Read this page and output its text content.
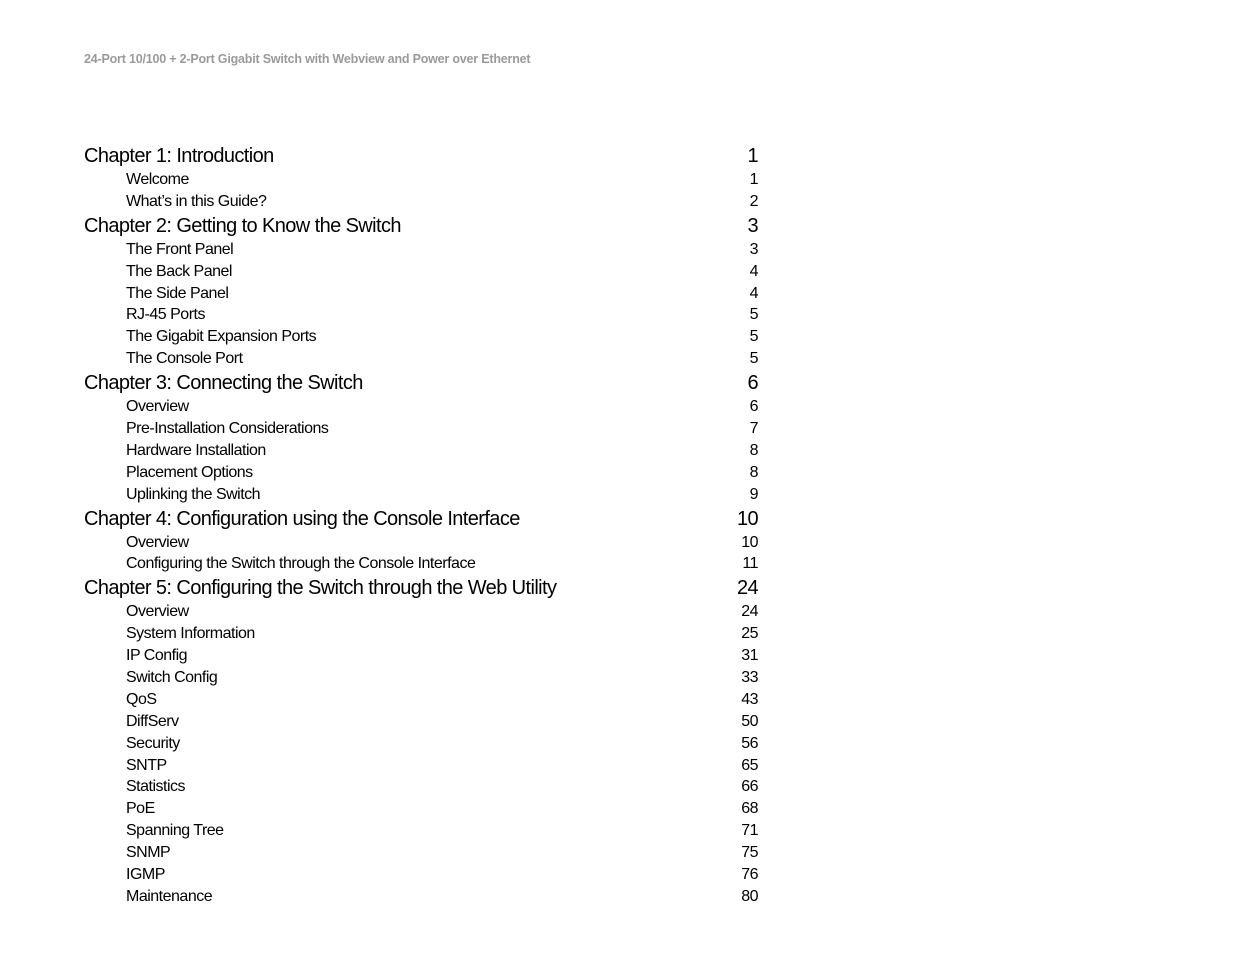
24-Port 10/100 + 2-Port Gigabit Switch with Webview and Power over Ethernet
Chapter 1: Introduction	1
Welcome	1
What’s in this Guide?	2
Chapter 2: Getting to Know the Switch	3
The Front Panel	3
The Back Panel	4
The Side Panel	4
RJ-45 Ports	5
The Gigabit Expansion Ports	5
The Console Port	5
Chapter 3: Connecting the Switch	6
Overview	6
Pre-Installation Considerations	7
Hardware Installation	8
Placement Options	8
Uplinking the Switch	9
Chapter 4: Configuration using the Console Interface	10
Overview	10
Configuring the Switch through the Console Interface	11
Chapter 5: Configuring the Switch through the Web Utility	24
Overview	24
System Information	25
IP Config	31
Switch Config	33
QoS	43
DiffServ	50
Security	56
SNTP	65
Statistics	66
PoE	68
Spanning Tree	71
SNMP	75
IGMP	76
Maintenance	80
